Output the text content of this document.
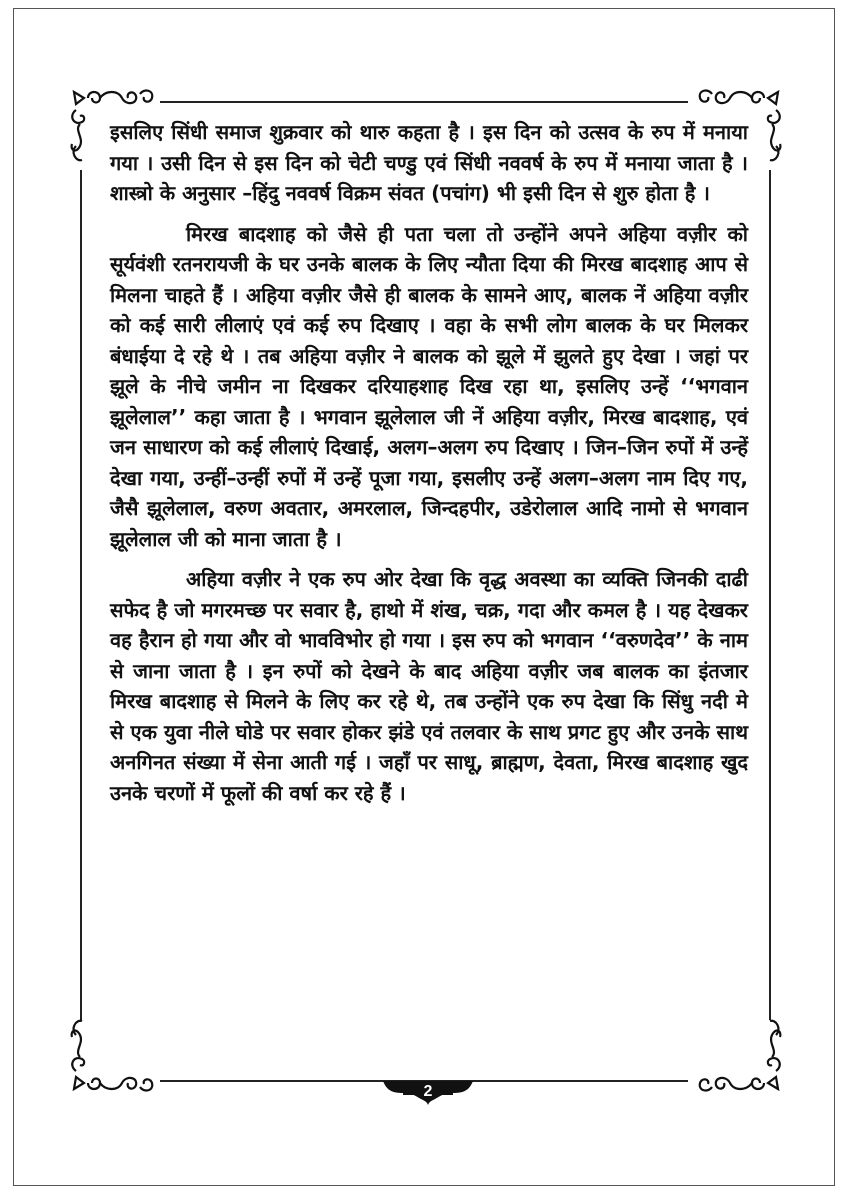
इसलिए सिंधी समाज शुक्रवार को थारु कहता है । इस दिन को उत्सव के रुप में मनाया गया । उसी दिन से इस दिन को चेटी चण्डु एवं सिंधी नववर्ष के रुप में मनाया जाता है । शास्त्रो के अनुसार –हिंदु नववर्ष विक्रम संवत (पचांग) भी इसी दिन से शुरु होता है ।

मिरख बादशाह को जैसे ही पता चला तो उन्होंने अपने अहिया वज़ीर को सूर्यवंशी रतनरायजी के घर उनके बालक के लिए न्यौता दिया की मिरख बादशाह आप से मिलना चाहते हैं । अहिया वज़ीर जैसे ही बालक के सामने आए, बालक नें अहिया वज़ीर को कई सारी लीलाएं एवं कई रुप दिखाए । वहा के सभी लोग बालक के घर मिलकर बंधाईया दे रहे थे । तब अहिया वज़ीर ने बालक को झूले में झुलते हुए देखा । जहां पर झूले के नीचे जमीन ना दिखकर दरियाहशाह दिख रहा था, इसलिए उन्हें ‘‘भगवान झूलेलाल’’ कहा जाता है । भगवान झूलेलाल जी नें अहिया वज़ीर, मिरख बादशाह, एवं जन साधारण को कई लीलाएं दिखाई, अलग–अलग रुप दिखाए । जिन–जिन रुपों में उन्हें देखा गया, उन्हीं–उन्हीं रुपों में उन्हें पूजा गया, इसलीए उन्हें अलग–अलग नाम दिए गए, जैसै झूलेलाल, वरुण अवतार, अमरलाल, जिन्दहपीर, उडेरोलाल आदि नामो से भगवान झूलेलाल जी को माना जाता है ।

अहिया वज़ीर ने एक रुप ओर देखा कि वृद्ध अवस्था का व्यक्ति जिनकी दाढी सफेद है जो मगरमच्छ पर सवार है, हाथो में शंख, चक्र, गदा और कमल है । यह देखकर वह हैरान हो गया और वो भावविभोर हो गया । इस रुप को भगवान ‘‘वरुणदेव’’ के नाम से जाना जाता है । इन रुपों को देखने के बाद अहिया वज़ीर जब बालक का इंतजार मिरख बादशाह से मिलने के लिए कर रहे थे, तब उन्होंने एक रुप देखा कि सिंधु नदी मे से एक युवा नीले घोडे पर सवार होकर झंडे एवं तलवार के साथ प्रगट हुए और उनके साथ अनगिनत संख्या में सेना आती गई । जहाँ पर साधू, ब्राह्मण, देवता, मिरख बादशाह खुद उनके चरणों में फूलों की वर्षा कर रहे हैं ।

2
